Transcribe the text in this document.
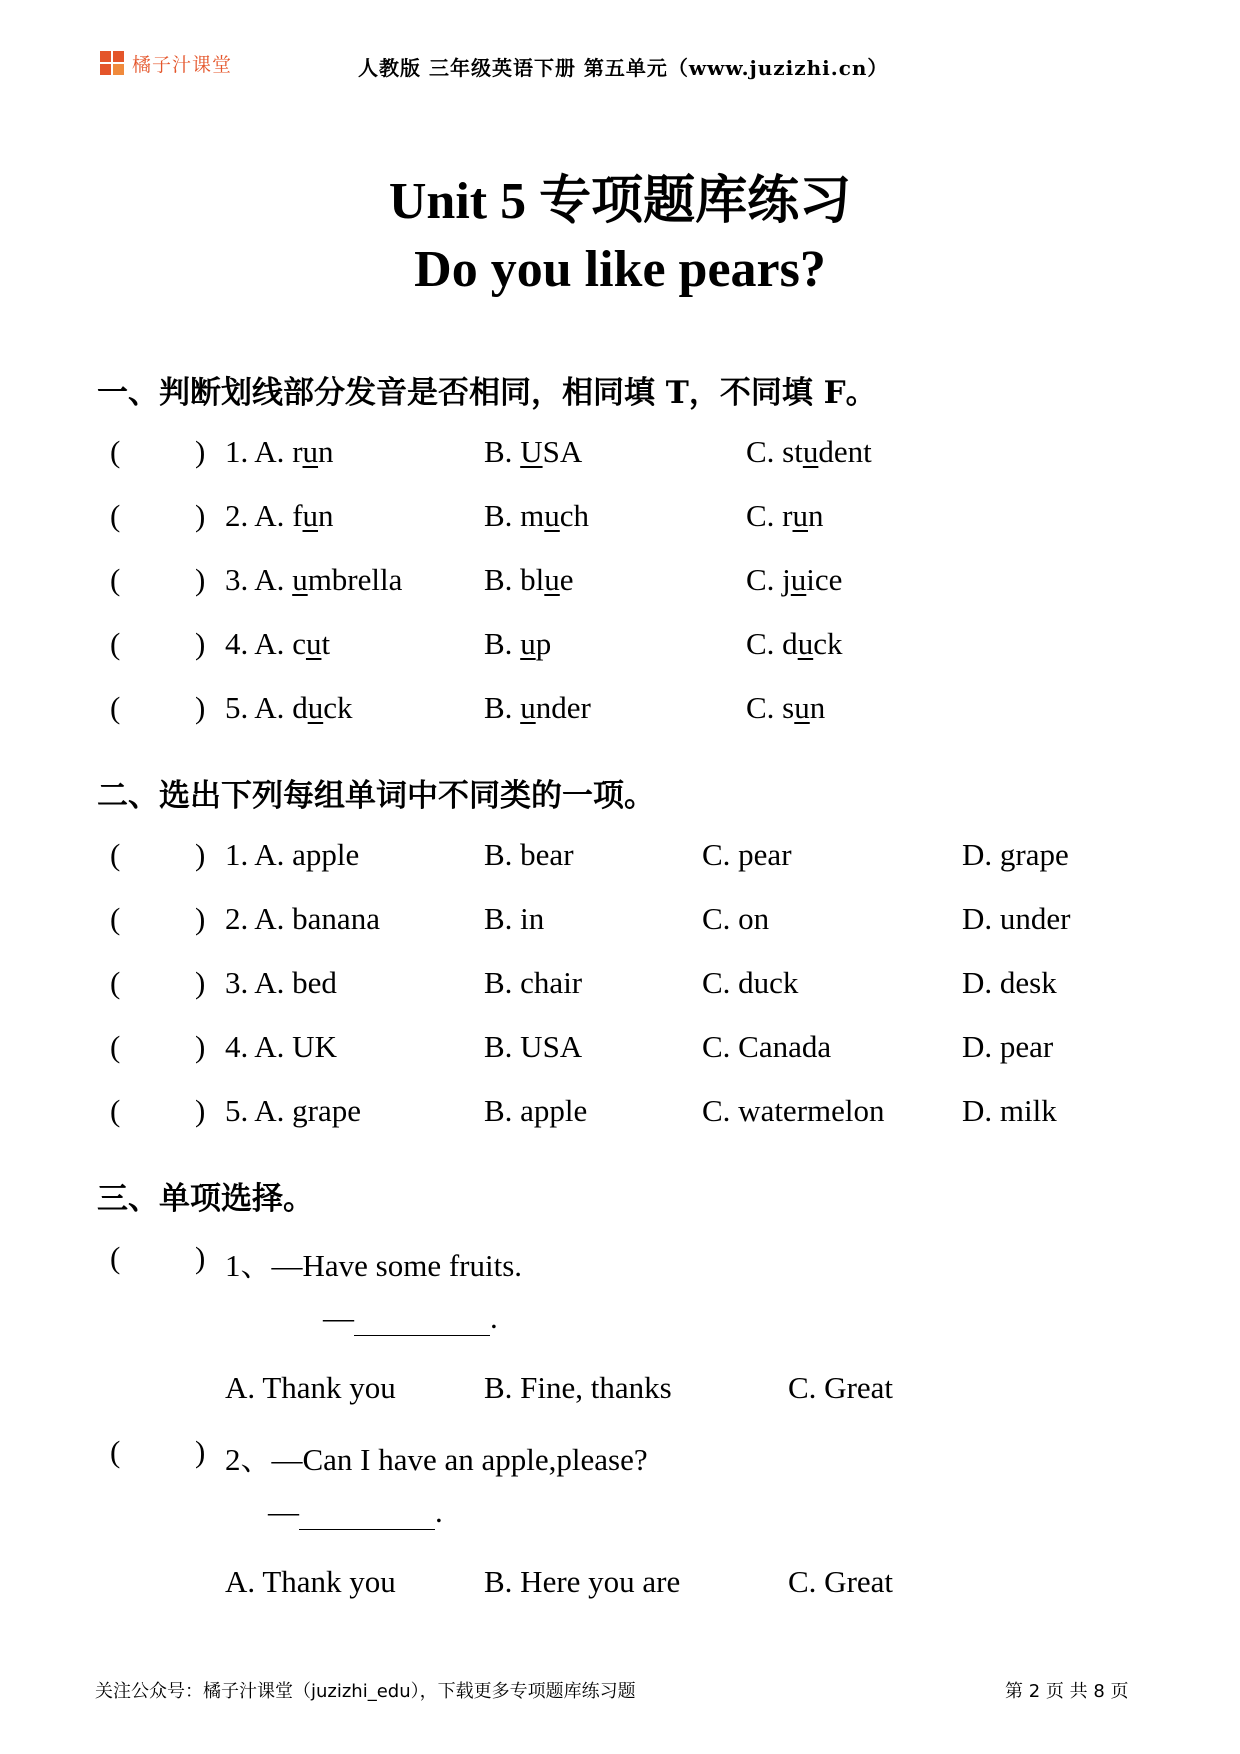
橘子汁课堂	人教版 三年级英语下册 第五单元（www.juzizhi.cn）
Unit 5 专项题库练习
Do you like pears?
一、判断划线部分发音是否相同，相同填 T，不同填 F。
( ) 1. A. run	B. USA	C. student
( ) 2. A. fun	B. much	C. run
( ) 3. A. umbrella	B. blue	C. juice
( ) 4. A. cut	B. up	C. duck
( ) 5. A. duck	B. under	C. sun
二、选出下列每组单词中不同类的一项。
( ) 1. A. apple	B. bear	C. pear	D. grape
( ) 2. A. banana	B. in	C. on	D. under
( ) 3. A. bed	B. chair	C. duck	D. desk
( ) 4. A. UK	B. USA	C. Canada	D. pear
( ) 5. A. grape	B. apple	C. watermelon D. milk
三、单项选择。
( ) 1、—Have some fruits.
—	.
A. Thank you	B. Fine, thanks	C. Great
( ) 2、—Can I have an apple,please?
—	.
A. Thank you	B. Here you are	C. Great
关注公众号：橘子汁课堂（juzizhi_edu），下载更多专项题库练习题	第 2 页 共 8 页
